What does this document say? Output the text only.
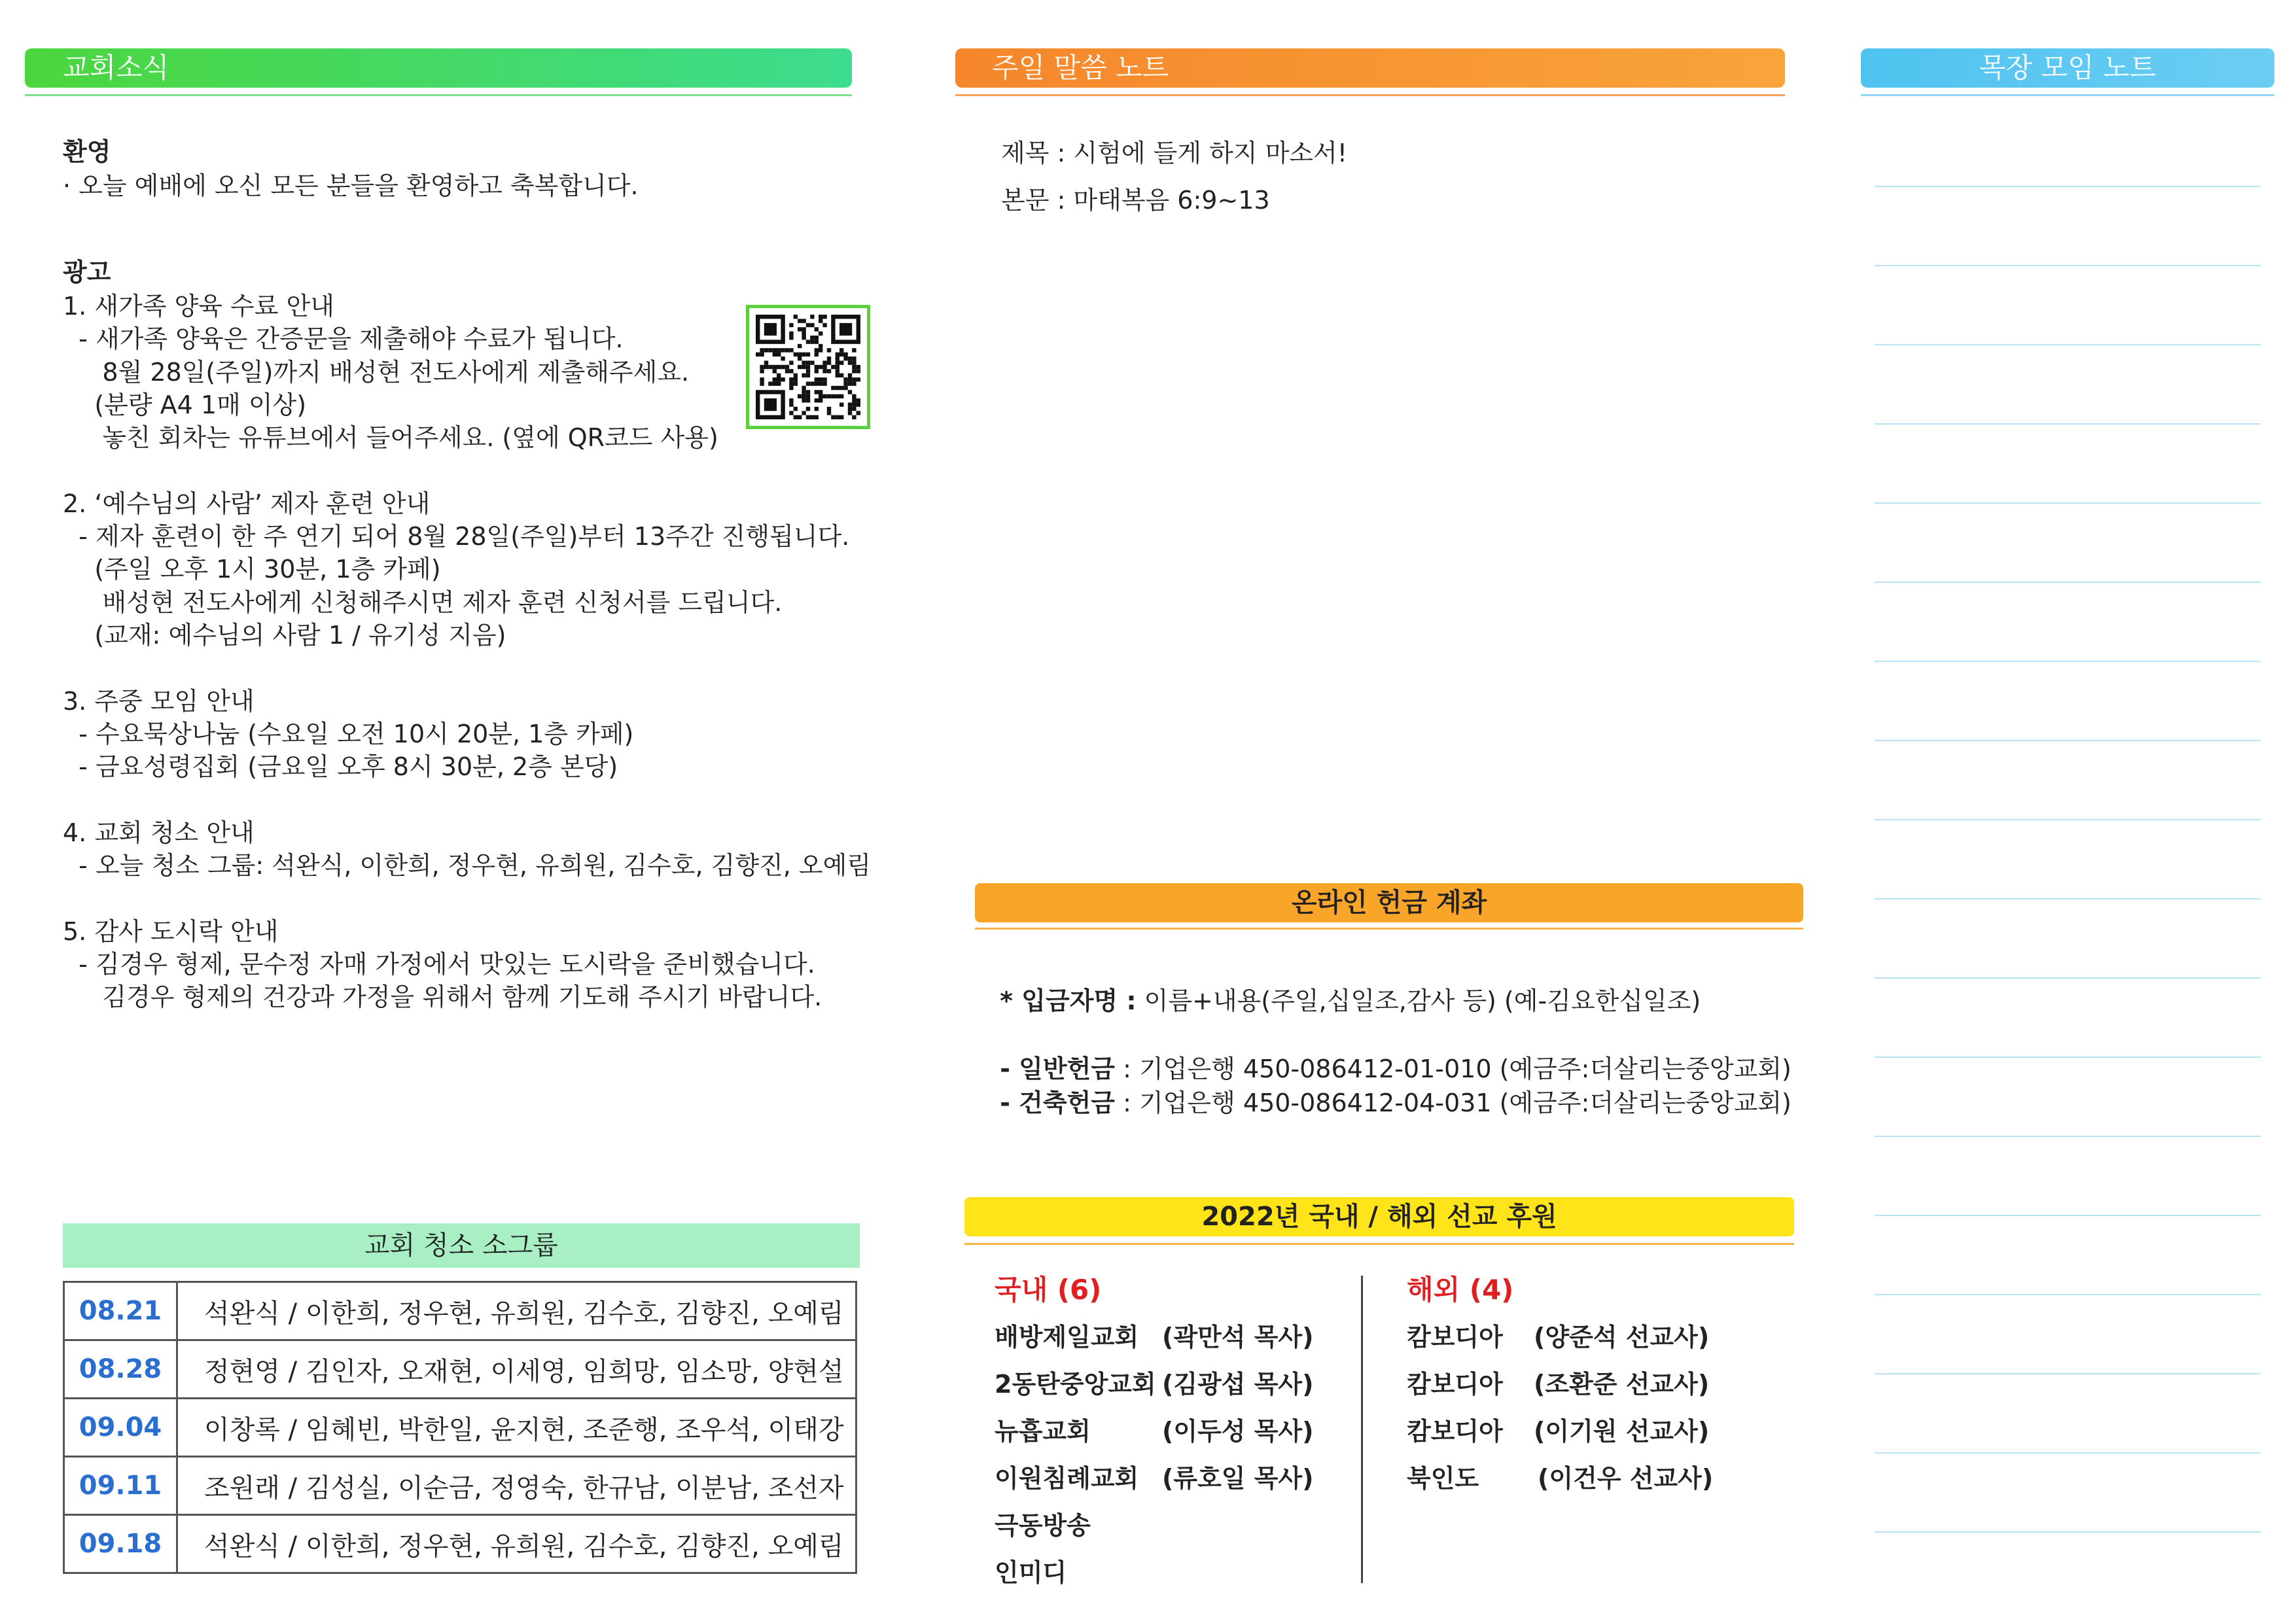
교회소식
환영
· 오늘 예배에 오신 모든 분들을 환영하고 축복합니다.
광고
1. 새가족 양육 수료 안내
- 새가족 양육은 간증문을 제출해야 수료가 됩니다.
8월 28일(주일)까지 배성현 전도사에게 제출해주세요.
(분량 A4 1매 이상)
놓친 회차는 유튜브에서 들어주세요. (옆에 QR코드 사용)
2. ‘예수님의 사람’ 제자 훈련 안내
- 제자 훈련이 한 주 연기 되어 8월 28일(주일)부터 13주간 진행됩니다.
(주일 오후 1시 30분, 1층 카페)
배성현 전도사에게 신청해주시면 제자 훈련 신청서를 드립니다.
(교재: 예수님의 사람 1 / 유기성 지음)
3. 주중 모임 안내
- 수요묵상나눔 (수요일 오전 10시 20분, 1층 카페)
- 금요성령집회 (금요일 오후 8시 30분, 2층 본당)
4. 교회 청소 안내
- 오늘 청소 그룹: 석완식, 이한희, 정우현, 유희원, 김수호, 김향진, 오예림
5. 감사 도시락 안내
- 김경우 형제, 문수정 자매 가정에서 맛있는 도시락을 준비했습니다.
김경우 형제의 건강과 가정을 위해서 함께 기도해 주시기 바랍니다.
교회 청소 소그룹
08.21	석완식 / 이한희, 정우현, 유희원, 김수호, 김향진, 오예림
08.28	정현영 / 김인자, 오재현, 이세영, 임희망, 임소망, 양현설
09.04	이창록 / 임혜빈, 박한일, 윤지현, 조준행, 조우석, 이태강
09.11	조원래 / 김성실, 이순금, 정영숙, 한규남, 이분남, 조선자
09.18	석완식 / 이한희, 정우현, 유희원, 김수호, 김향진, 오예림
주일 말씀 노트
제목 : 시험에 들게 하지 마소서!
본문 : 마태복음 6:9~13
온라인 헌금 계좌

* 입금자명 : 이름+내용(주일,십일조,감사 등) (예-김요한십일조)

- 일반헌금 : 기업은행 450-086412-01-010 (예금주:더살리는중앙교회)

- 건축헌금 : 기업은행 450-086412-04-031 (예금주:더살리는중앙교회)

2022년 국내 / 해외 선교 후원
국내 (6)
배방제일교회 (곽만석 목사)
2동탄중앙교회 (김광섭 목사)
뉴흡교회	(이두성 목사)
이원침례교회 (류호일 목사)
극동방송
인미디
해외 (4)
캄보디아 (양준석 선교사)
캄보디아 (조환준 선교사)
캄보디아 (이기원 선교사)
북인도 (이건우 선교사)
목장 모임 노트
